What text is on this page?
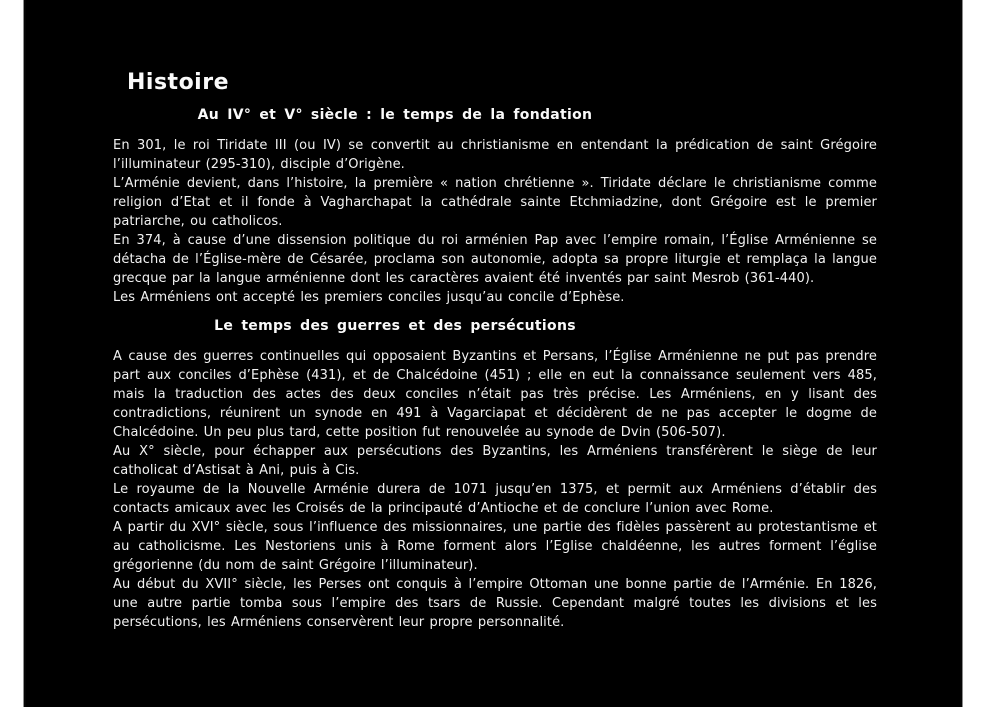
Histoire
Au IV° et V° siècle : le temps de la fondation

En 301, le roi Tiridate III (ou IV) se convertit au christianisme en entendant la prédication de saint Grégoire l’illuminateur (295-310), disciple d’Origène.

L’Arménie devient, dans l’histoire, la première « nation chrétienne ». Tiridate déclare le christianisme comme religion d’Etat et il fonde à Vagharchapat la cathédrale sainte Etchmiadzine, dont Grégoire est le premier patriarche, ou catholicos.

En 374, à cause d’une dissension politique du roi arménien Pap avec l’empire romain, l’Église Arménienne se détacha de l’Église-mère de Césarée, proclama son autonomie, adopta sa propre liturgie et remplaça la langue grecque par la langue arménienne dont les caractères avaient été inventés par saint Mesrob (361-440).

Les Arméniens ont accepté les premiers conciles jusqu’au concile d’Ephèse.

Le temps des guerres et des persécutions

A cause des guerres continuelles qui opposaient Byzantins et Persans, l’Église Arménienne ne put pas prendre part aux conciles d’Ephèse (431), et de Chalcédoine (451) ; elle en eut la connaissance seulement vers 485, mais la traduction des actes des deux conciles n’était pas très précise. Les Arméniens, en y lisant des contradictions, réunirent un synode en 491 à Vagarciapat et décidèrent de ne pas accepter le dogme de Chalcédoine. Un peu plus tard, cette position fut renouvelée au synode de Dvin (506-507).

Au X° siècle, pour échapper aux persécutions des Byzantins, les Arméniens transférèrent le siège de leur catholicat d’Astisat à Ani, puis à Cis.

Le royaume de la Nouvelle Arménie durera de 1071 jusqu’en 1375, et permit aux Arméniens d’établir des contacts amicaux avec les Croisés de la principauté d’Antioche et de conclure l’union avec Rome.

A partir du XVI° siècle, sous l’influence des missionnaires, une partie des fidèles passèrent au protestantisme et au catholicisme. Les Nestoriens unis à Rome forment alors l’Eglise chaldéenne, les autres forment l’église grégorienne (du nom de saint Grégoire l’illuminateur).

Au début du XVII° siècle, les Perses ont conquis à l’empire Ottoman une bonne partie de l’Arménie. En 1826, une autre partie tomba sous l’empire des tsars de Russie. Cependant malgré toutes les divisions et les persécutions, les Arméniens conservèrent leur propre personnalité.
